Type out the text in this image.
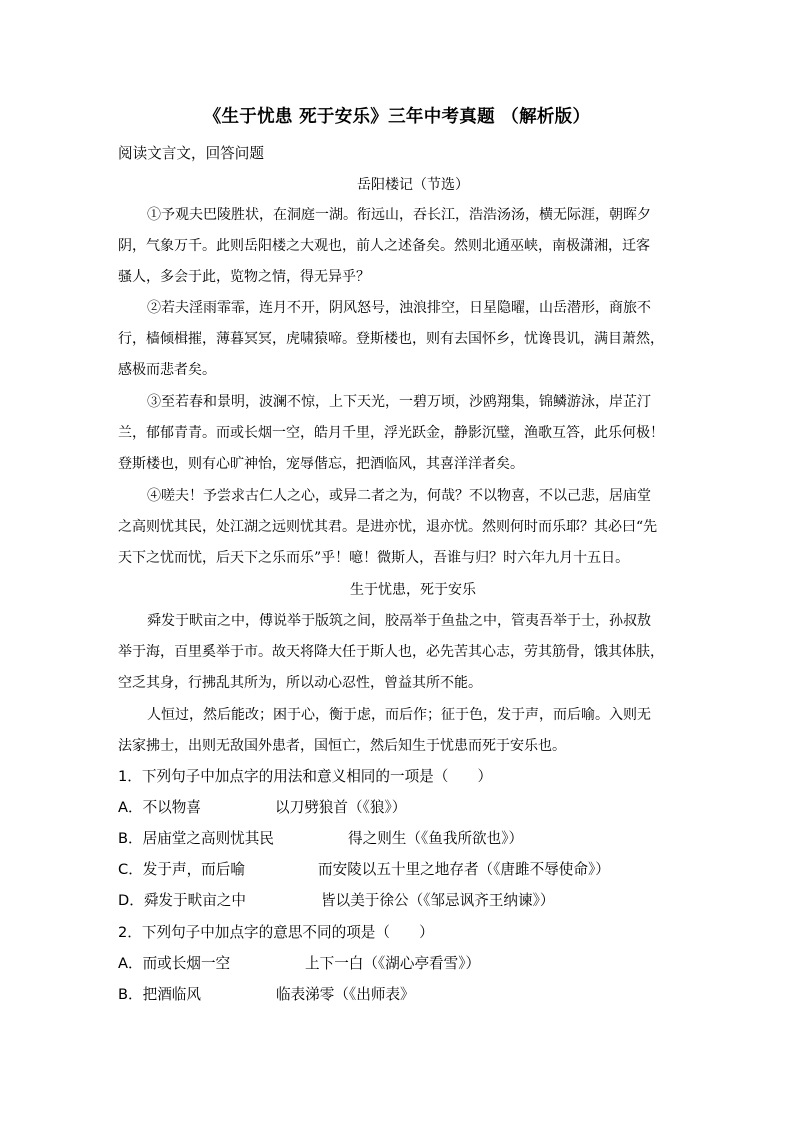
《生于忧患 死于安乐》三年中考真题 （解析版）
阅读文言文，回答问题
岳阳楼记（节选）
①予观夫巴陵胜状，在洞庭一湖。衔远山，吞长江，浩浩汤汤，横无际涯，朝晖夕
阴，气象万千。此则岳阳楼之大观也，前人之述备矣。然则北通巫峡，南极潇湘，迁客
骚人，多会于此，览物之情，得无异乎？
②若夫淫雨霏霏，连月不开，阴风怒号，浊浪排空，日星隐曜，山岳潜形，商旅不
行，樯倾楫摧，薄暮冥冥，虎啸猿啼。登斯楼也，则有去国怀乡，忧谗畏讥，满目萧然，
感极而悲者矣。
③至若春和景明，波澜不惊，上下天光，一碧万顷，沙鸥翔集，锦鳞游泳，岸芷汀
兰，郁郁青青。而或长烟一空，皓月千里，浮光跃金，静影沉璧，渔歌互答，此乐何极！
登斯楼也，则有心旷神怡，宠辱偕忘，把酒临风，其喜洋洋者矣。
④嗟夫！予尝求古仁人之心，或异二者之为，何哉？不以物喜，不以己悲，居庙堂
之高则忧其民，处江湖之远则忧其君。是进亦忧，退亦忧。然则何时而乐耶？其必曰“先
天下之忧而忧，后天下之乐而乐”乎！噫！微斯人，吾谁与归？时六年九月十五日。
生于忧患，死于安乐
舜发于畎亩之中，傅说举于版筑之间，胶鬲举于鱼盐之中，管夷吾举于士，孙叔敖
举于海，百里奚举于市。故天将降大任于斯人也，必先苦其心志，劳其筋骨，饿其体肤，
空乏其身，行拂乱其所为，所以动心忍性，曾益其所不能。
人恒过，然后能改；困于心，衡于虑，而后作；征于色，发于声，而后喻。入则无
法家拂士，出则无敌国外患者，国恒亡，然后知生于忧患而死于安乐也。
1．下列句子中加点字的用法和意义相同的一项是（　　）
A．不以物喜	以刀劈狼首（《狼》）
B．居庙堂之高则忧其民	得之则生（《鱼我所欲也》）
C．发于声，而后喻	而安陵以五十里之地存者（《唐雎不辱使命》）
D．舜发于畎亩之中	皆以美于徐公（《邹忌讽齐王纳谏》）
2．下列句子中加点字的意思不同的项是（　　）
A．而或长烟一空	上下一白（《湖心亭看雪》）
B．把酒临风	临表涕零（《出师表》
